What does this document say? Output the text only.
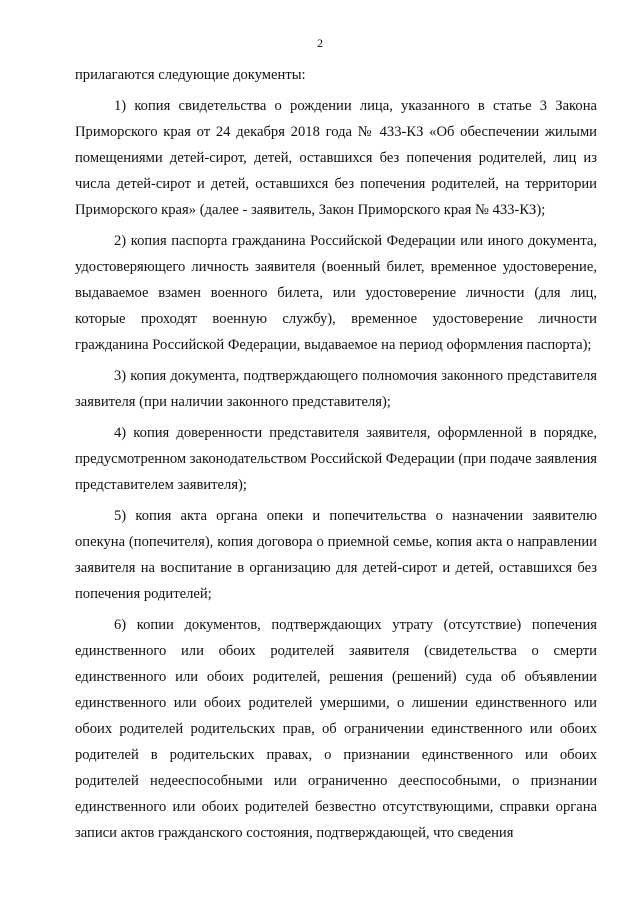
2

прилагаются следующие документы:

1) копия свидетельства о рождении лица, указанного в статье 3 Закона Приморского края от 24 декабря 2018 года № 433-КЗ «Об обеспечении жилыми помещениями детей-сирот, детей, оставшихся без попечения родителей, лиц из числа детей-сирот и детей, оставшихся без попечения родителей, на территории Приморского края» (далее - заявитель, Закон Приморского края № 433-КЗ);

2) копия паспорта гражданина Российской Федерации или иного документа, удостоверяющего личность заявителя (военный билет, временное удостоверение, выдаваемое взамен военного билета, или удостоверение личности (для лиц, которые проходят военную службу), временное удостоверение личности гражданина Российской Федерации, выдаваемое на период оформления паспорта);

3) копия документа, подтверждающего полномочия законного представителя заявителя (при наличии законного представителя);

4) копия доверенности представителя заявителя, оформленной в порядке, предусмотренном законодательством Российской Федерации (при подаче заявления представителем заявителя);

5) копия акта органа опеки и попечительства о назначении заявителю опекуна (попечителя), копия договора о приемной семье, копия акта о направлении заявителя на воспитание в организацию для детей-сирот и детей, оставшихся без попечения родителей;

6) копии документов, подтверждающих утрату (отсутствие) попечения единственного или обоих родителей заявителя (свидетельства о смерти единственного или обоих родителей, решения (решений) суда об объявлении единственного или обоих родителей умершими, о лишении единственного или обоих родителей родительских прав, об ограничении единственного или обоих родителей в родительских правах, о признании единственного или обоих родителей недееспособными или ограниченно дееспособными, о признании единственного или обоих родителей безвестно отсутствующими, справки органа записи актов гражданского состояния, подтверждающей, что сведения
